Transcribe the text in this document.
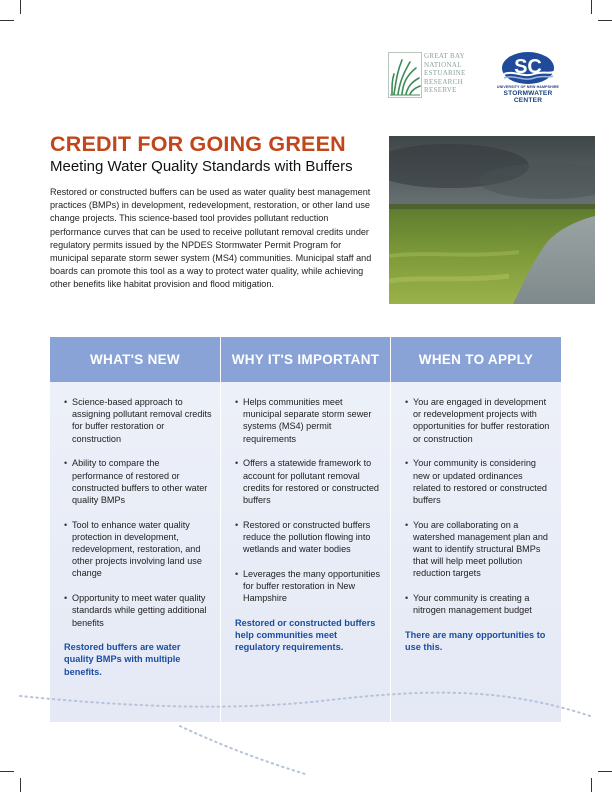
GREAT BAY
NATIONAL
ESTUARINE
RESEARCH
RESERVE
SC
UNIVERSITY OF NEW HAMPSHIRE
STORMWATER CENTER
CREDIT FOR GOING GREEN
Meeting Water Quality Standards with Buffers
Restored or constructed buffers can be used as water quality best management practices (BMPs) in development, redevelopment, restoration, or other land use change projects. This science-based tool provides pollutant reduction performance curves that can be used to receive pollutant removal credits under regulatory permits issued by the NPDES Stormwater Permit Program for municipal separate storm sewer system (MS4) communities. Municipal staff and boards can promote this tool as a way to protect water quality, while achieving other benefits like habitat provision and flood mitigation.
WHAT'S NEW
• Science-based approach to assigning pollutant removal credits for buffer restoration or construction
• Ability to compare the performance of restored or constructed buffers to other water quality BMPs
• Tool to enhance water quality protection in development, redevelopment, restoration, and other projects involving land use change
• Opportunity to meet water quality standards while getting additional benefits
Restored buffers are water quality BMPs with multiple benefits.
WHY IT'S IMPORTANT
• Helps communities meet municipal separate storm sewer systems (MS4) permit requirements
• Offers a statewide framework to account for pollutant removal credits for restored or constructed buffers
• Restored or constructed buffers reduce the pollution flowing into wetlands and water bodies
• Leverages the many opportunities for buffer restoration in New Hampshire
Restored or constructed buffers help communities meet regulatory requirements.
WHEN TO APPLY
• You are engaged in development or redevelopment projects with opportunities for buffer restoration or construction
• Your community is considering new or updated ordinances related to restored or constructed buffers
• You are collaborating on a watershed management plan and want to identify structural BMPs that will help meet pollution reduction targets
• Your community is creating a nitrogen management budget
There are many opportunities to use this.
